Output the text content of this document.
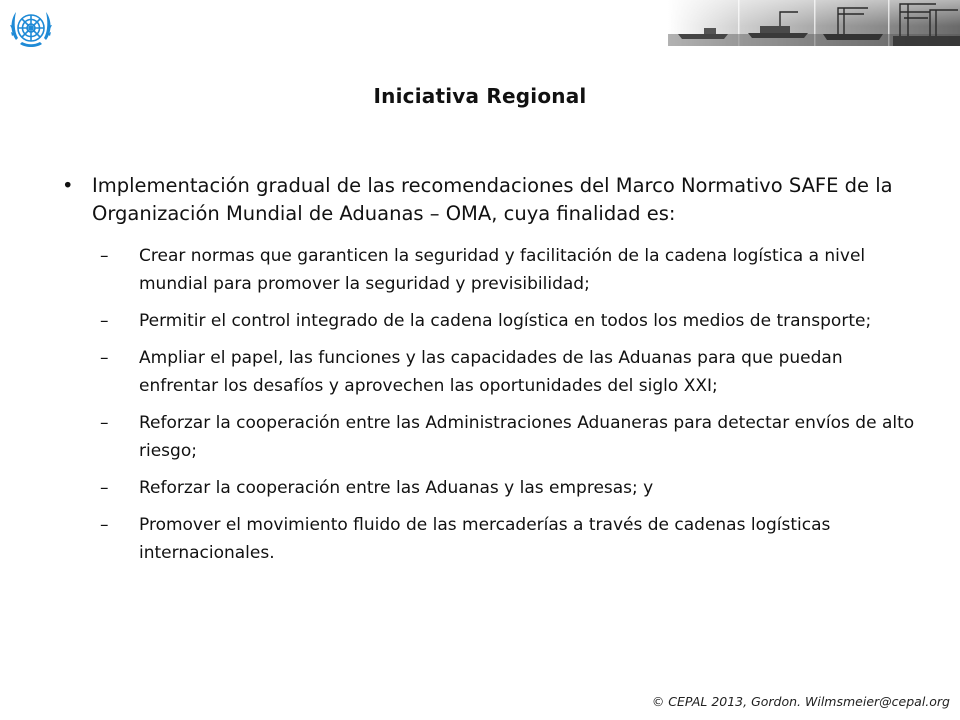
Iniciativa Regional
• Implementación gradual de las recomendaciones del Marco Normativo SAFE de la Organización Mundial de Aduanas – OMA, cuya finalidad es:
– Crear normas que garanticen la seguridad y facilitación de la cadena logística a nivel mundial para promover la seguridad y previsibilidad;
– Permitir el control integrado de la cadena logística en todos los medios de transporte;
– Ampliar el papel, las funciones y las capacidades de las Aduanas para que puedan enfrentar los desafíos y aprovechen las oportunidades del siglo XXI;
– Reforzar la cooperación entre las Administraciones Aduaneras para detectar envíos de alto riesgo;
– Reforzar la cooperación entre las Aduanas y las empresas; y
– Promover el movimiento fluido de las mercaderías a través de cadenas logísticas internacionales.
© CEPAL 2013, Gordon. Wilmsmeier@cepal.org
